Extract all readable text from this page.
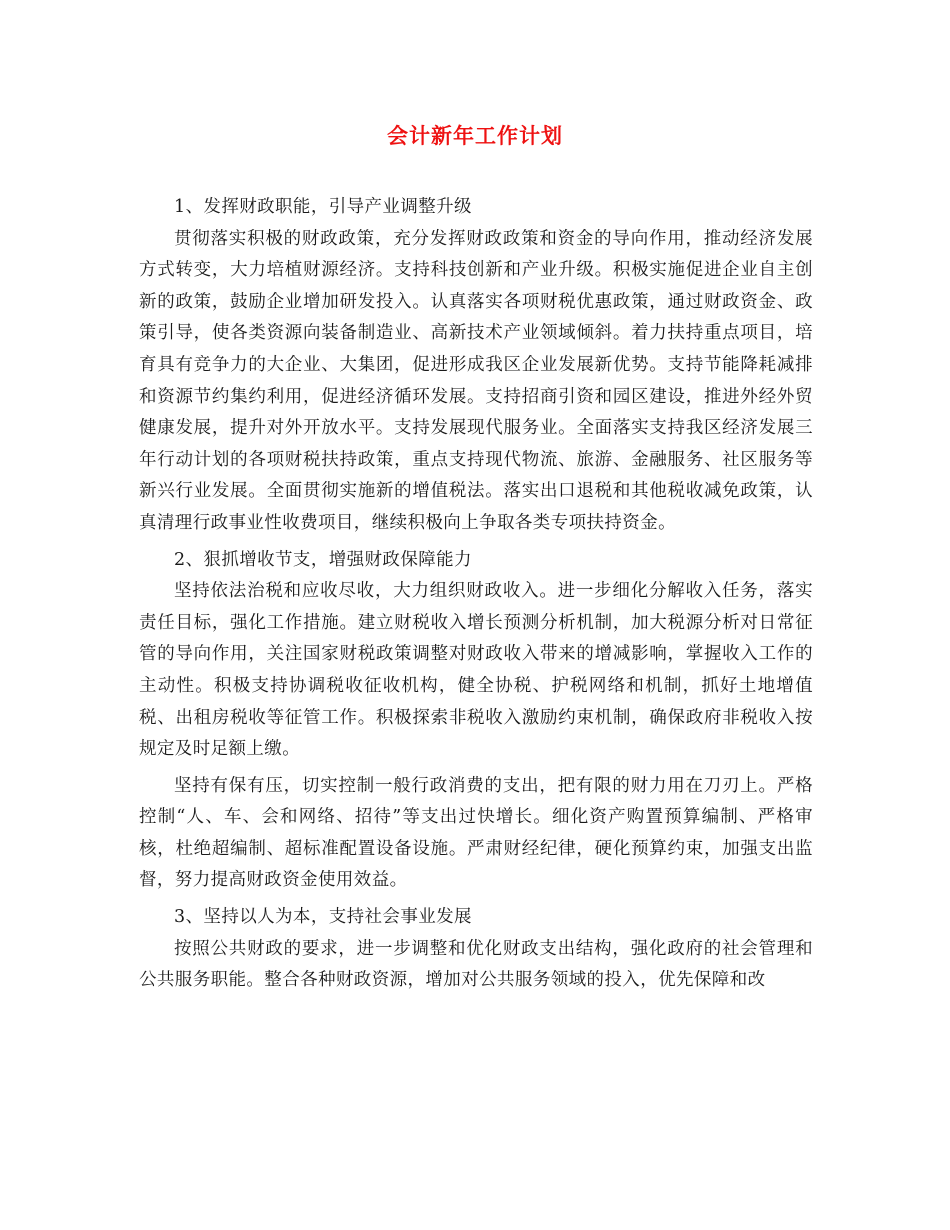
会计新年工作计划

1、发挥财政职能，引导产业调整升级

贯彻落实积极的财政政策，充分发挥财政政策和资金的导向作用，推动经济发展方式转变，大力培植财源经济。支持科技创新和产业升级。积极实施促进企业自主创新的政策，鼓励企业增加研发投入。认真落实各项财税优惠政策，通过财政资金、政策引导，使各类资源向装备制造业、高新技术产业领域倾斜。着力扶持重点项目，培育具有竞争力的大企业、大集团，促进形成我区企业发展新优势。支持节能降耗减排和资源节约集约利用，促进经济循环发展。支持招商引资和园区建设，推进外经外贸健康发展，提升对外开放水平。支持发展现代服务业。全面落实支持我区经济发展三年行动计划的各项财税扶持政策，重点支持现代物流、旅游、金融服务、社区服务等新兴行业发展。全面贯彻实施新的增值税法。落实出口退税和其他税收减免政策，认真清理行政事业性收费项目，继续积极向上争取各类专项扶持资金。

2、狠抓增收节支，增强财政保障能力

坚持依法治税和应收尽收，大力组织财政收入。进一步细化分解收入任务，落实责任目标，强化工作措施。建立财税收入增长预测分析机制，加大税源分析对日常征管的导向作用，关注国家财税政策调整对财政收入带来的增减影响，掌握收入工作的主动性。积极支持协调税收征收机构，健全协税、护税网络和机制，抓好土地增值税、出租房税收等征管工作。积极探索非税收入激励约束机制，确保政府非税收入按规定及时足额上缴。

坚持有保有压，切实控制一般行政消费的支出，把有限的财力用在刀刃上。严格控制“人、车、会和网络、招待”等支出过快增长。细化资产购置预算编制、严格审核，杜绝超编制、超标准配置设备设施。严肃财经纪律，硬化预算约束，加强支出监督，努力提高财政资金使用效益。

3、坚持以人为本，支持社会事业发展

按照公共财政的要求，进一步调整和优化财政支出结构，强化政府的社会管理和公共服务职能。整合各种财政资源，增加对公共服务领域的投入，优先保障和改
